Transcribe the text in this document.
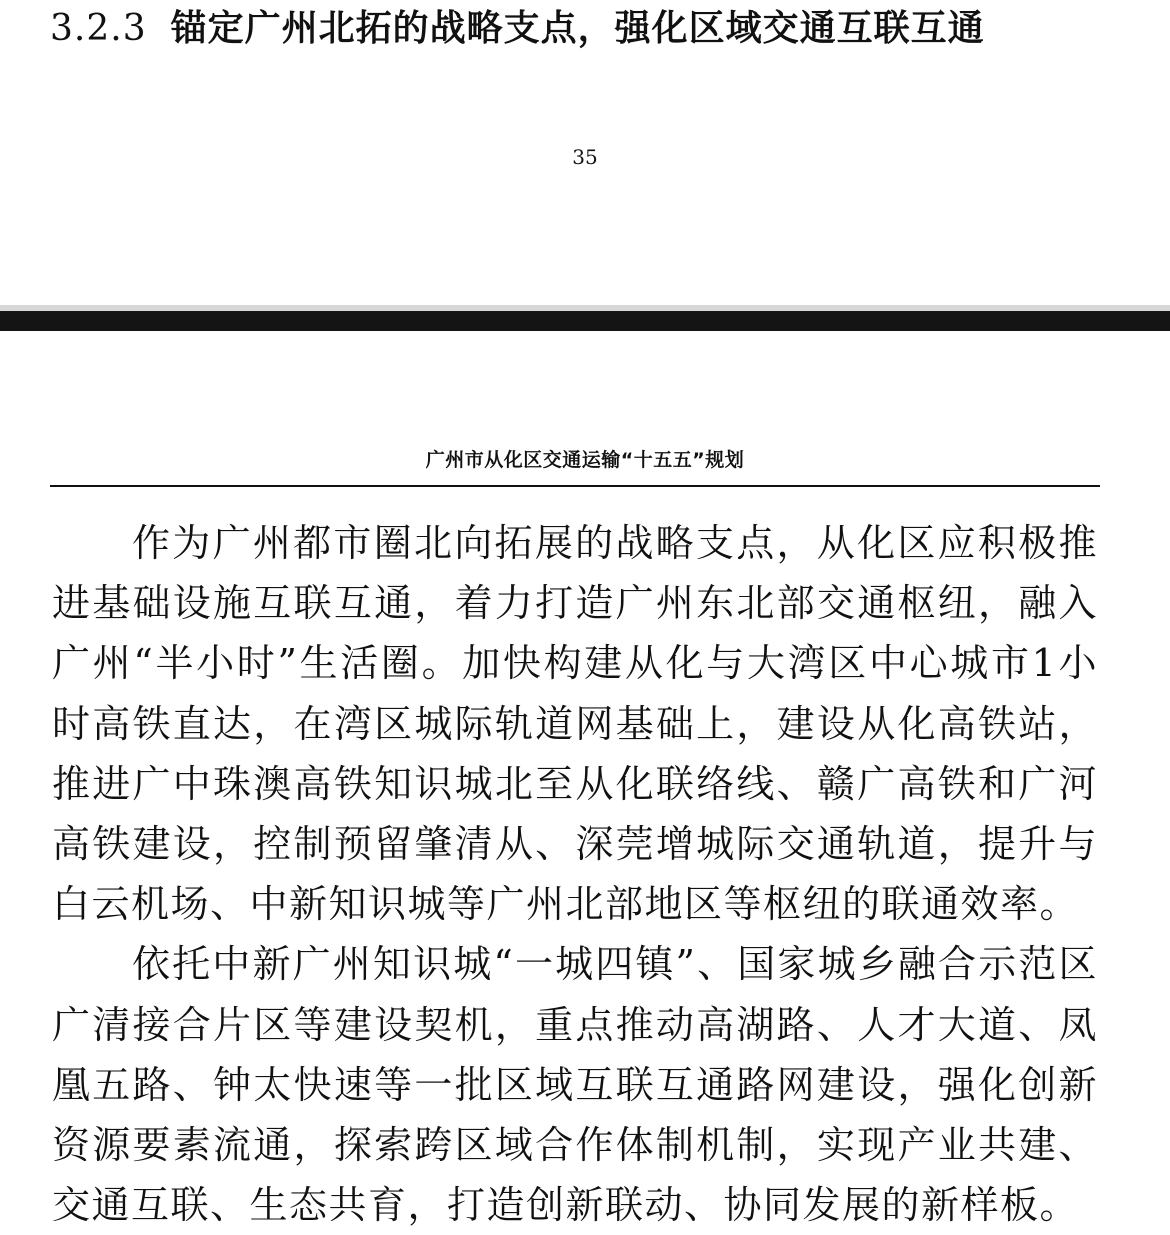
3.2.3 锚定广州北拓的战略支点，强化区域交通互联互通
35
广州市从化区交通运输“十五五”规划

作为广州都市圈北向拓展的战略支点，从化区应积极推进基础设施互联互通，着力打造广州东北部交通枢纽，融入广州“半小时”生活圈。加快构建从化与大湾区中心城市1小时高铁直达，在湾区城际轨道网基础上，建设从化高铁站，推进广中珠澳高铁知识城北至从化联络线、赣广高铁和广河高铁建设，控制预留肇清从、深莞增城际交通轨道，提升与白云机场、中新知识城等广州北部地区等枢纽的联通效率。

依托中新广州知识城“一城四镇”、国家城乡融合示范区广清接合片区等建设契机，重点推动高湖路、人才大道、凤凰五路、钟太快速等一批区域互联互通路网建设，强化创新资源要素流通，探索跨区域合作体制机制，实现产业共建、交通互联、生态共育，打造创新联动、协同发展的新样板。
